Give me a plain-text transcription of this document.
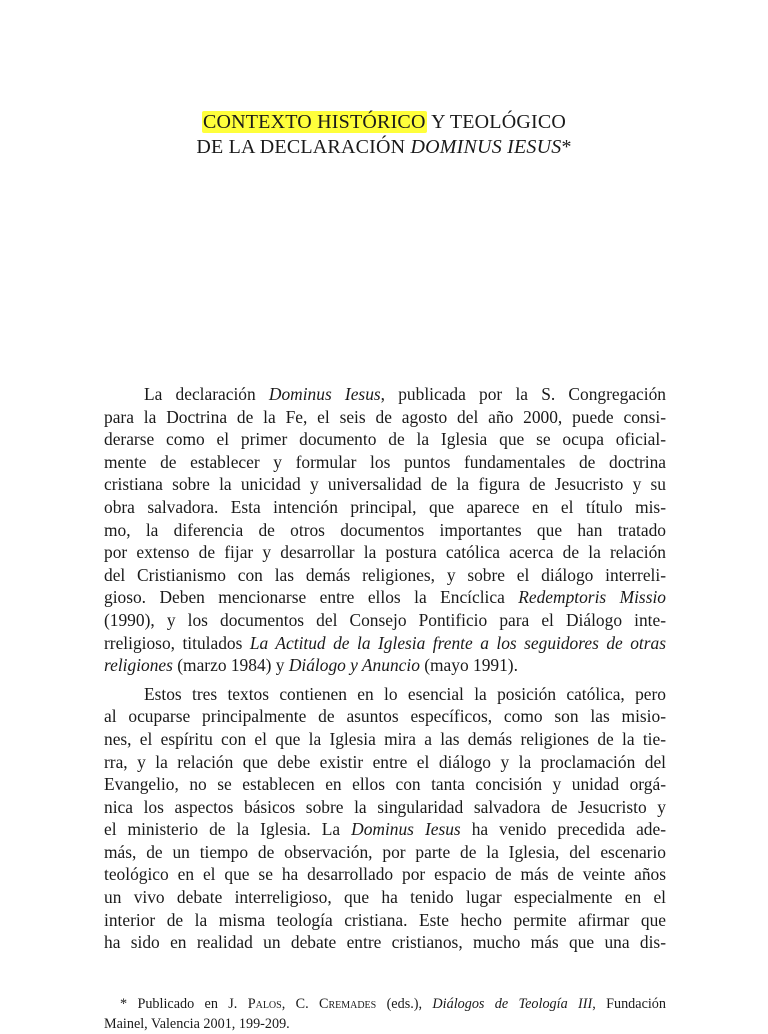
CONTEXTO HISTÓRICO Y TEOLÓGICO
DE LA DECLARACIÓN DOMINUS IESUS*
La declaración Dominus Iesus, publicada por la S. Congregación
para la Doctrina de la Fe, el seis de agosto del año 2000, puede consi-
derarse como el primer documento de la Iglesia que se ocupa oficial-
mente de establecer y formular los puntos fundamentales de doctrina
cristiana sobre la unicidad y universalidad de la figura de Jesucristo y su
obra salvadora. Esta intención principal, que aparece en el título mis-
mo, la diferencia de otros documentos importantes que han tratado
por extenso de fijar y desarrollar la postura católica acerca de la relación
del Cristianismo con las demás religiones, y sobre el diálogo interreli-
gioso. Deben mencionarse entre ellos la Encíclica Redemptoris Missio
(1990), y los documentos del Consejo Pontificio para el Diálogo inte-
rreligioso, titulados La Actitud de la Iglesia frente a los seguidores de otras
religiones (marzo 1984) y Diálogo y Anuncio (mayo 1991).
Estos tres textos contienen en lo esencial la posición católica, pero
al ocuparse principalmente de asuntos específicos, como son las misio-
nes, el espíritu con el que la Iglesia mira a las demás religiones de la tie-
rra, y la relación que debe existir entre el diálogo y la proclamación del
Evangelio, no se establecen en ellos con tanta concisión y unidad orgá-
nica los aspectos básicos sobre la singularidad salvadora de Jesucristo y
el ministerio de la Iglesia. La Dominus Iesus ha venido precedida ade-
más, de un tiempo de observación, por parte de la Iglesia, del escenario
teológico en el que se ha desarrollado por espacio de más de veinte años
un vivo debate interreligioso, que ha tenido lugar especialmente en el
interior de la misma teología cristiana. Este hecho permite afirmar que
ha sido en realidad un debate entre cristianos, mucho más que una dis-
* Publicado en J. Palos, C. Cremades (eds.), Diálogos de Teología III, Fundación
Mainel, Valencia 2001, 199-209.
